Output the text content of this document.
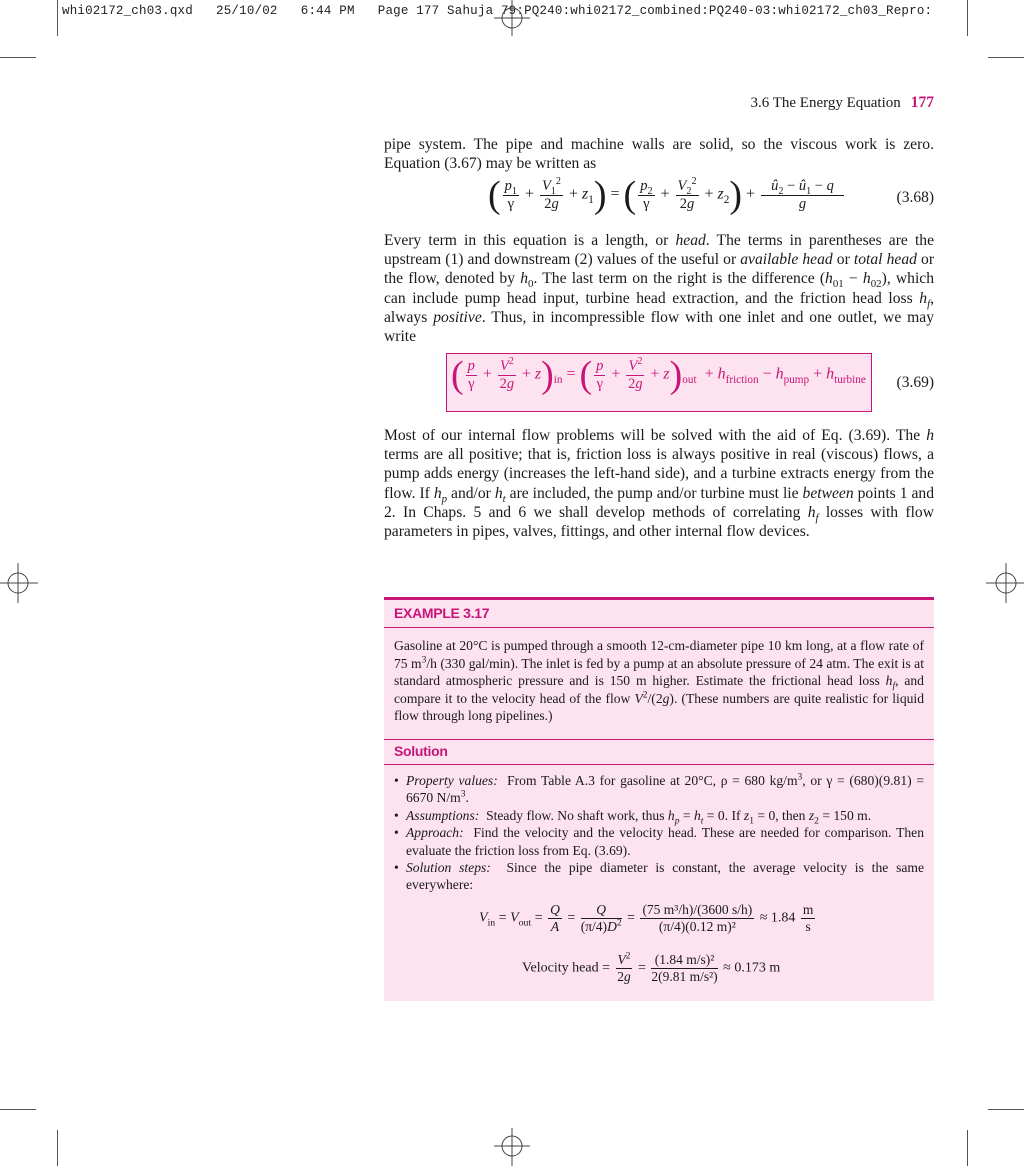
whi02172_ch03.qxd   25/10/02   6:44 PM   Page 177 Sahuja 79:PQ240:whi02172_combined:PQ240-03:whi02172_ch03_Repro:
3.6 The Energy Equation 177

pipe system. The pipe and machine walls are solid, so the viscous work is zero. Equation (3.67) may be written as

( $\frac{p_1}{\gamma} + \frac{V_1^2}{2g} + z_1$) = ( $\frac{p_2}{\gamma} + \frac{V_2^2}{2g} + z_2) + \frac{û_2 - û_1 - q}{g}$	(3.68)

Every term in this equation is a length, or head. The terms in parentheses are the upstream (1) and downstream (2) values of the useful or available head or total head or the flow, denoted by $h_0$. The last term on the right is the difference $(h_{01} - h_{02})$, which can include pump head input, turbine head extraction, and the friction head loss $h_f$, always positive. Thus, in incompressible flow with one inlet and one outlet, we may write

( $\frac{p}{\gamma} + \frac{V^2}{2g} + z)_{in}$ = ( $\frac{p}{\gamma} + \frac{V^2}{2g} + z)_{out} + h_{friction} - h_{pump} + h_{turbine}$ (3.69)

Most of our internal flow problems will be solved with the aid of Eq. (3.69). The h terms are all positive; that is, friction loss is always positive in real (viscous) flows, a pump adds energy (increases the left-hand side), and a turbine extracts energy from the flow. If $h_p$ and/or $h_t$ are included, the pump and/or turbine must lie between points 1 and 2. In Chaps. 5 and 6 we shall develop methods of correlating $h_f$ losses with flow parameters in pipes, valves, fittings, and other internal flow devices.

EXAMPLE 3.17

Gasoline at 20°C is pumped through a smooth 12-cm-diameter pipe 10 km long, at a flow rate of 75 $m^3/h$ (330 gal/min). The inlet is fed by a pump at an absolute pressure of 24 atm. The exit is at standard atmospheric pressure and is 150 m higher. Estimate the frictional head loss $h_f$, and compare it to the velocity head of the flow $V^2/(2g)$. (These numbers are quite realistic for liquid flow through long pipelines.)

Solution
• Property values: From Table A.3 for gasoline at 20°C, ρ = 680 $kg/m^3$, or γ = (680)(9.81) = 6670 $N/m^3$.
• Assumptions: Steady flow. No shaft work, thus $h_p = h_t = 0$. If $z_1 = 0$, then $z_2 = 150$ m.
• Approach: Find the velocity and the velocity head. These are needed for comparison. Then evaluate the friction loss from Eq. (3.69).
• Solution steps: Since the pipe diameter is constant, the average velocity is the same everywhere:
$V_{in} = V_{out} = \frac{Q}{A} = \frac{Q}{(\pi/4)D^2} = \frac{\text{(75 m³/h)/(3600 s/h)}}{\text{(π/4)(0.12 m)²}} \approx 1.84 \frac{m}{s}$
Velocity head = $\frac{V^2}{2g} = \frac{\text{(1.84 m/s)²}}{\text{2(9.81 m/s²)}} \approx 0.173$ m
